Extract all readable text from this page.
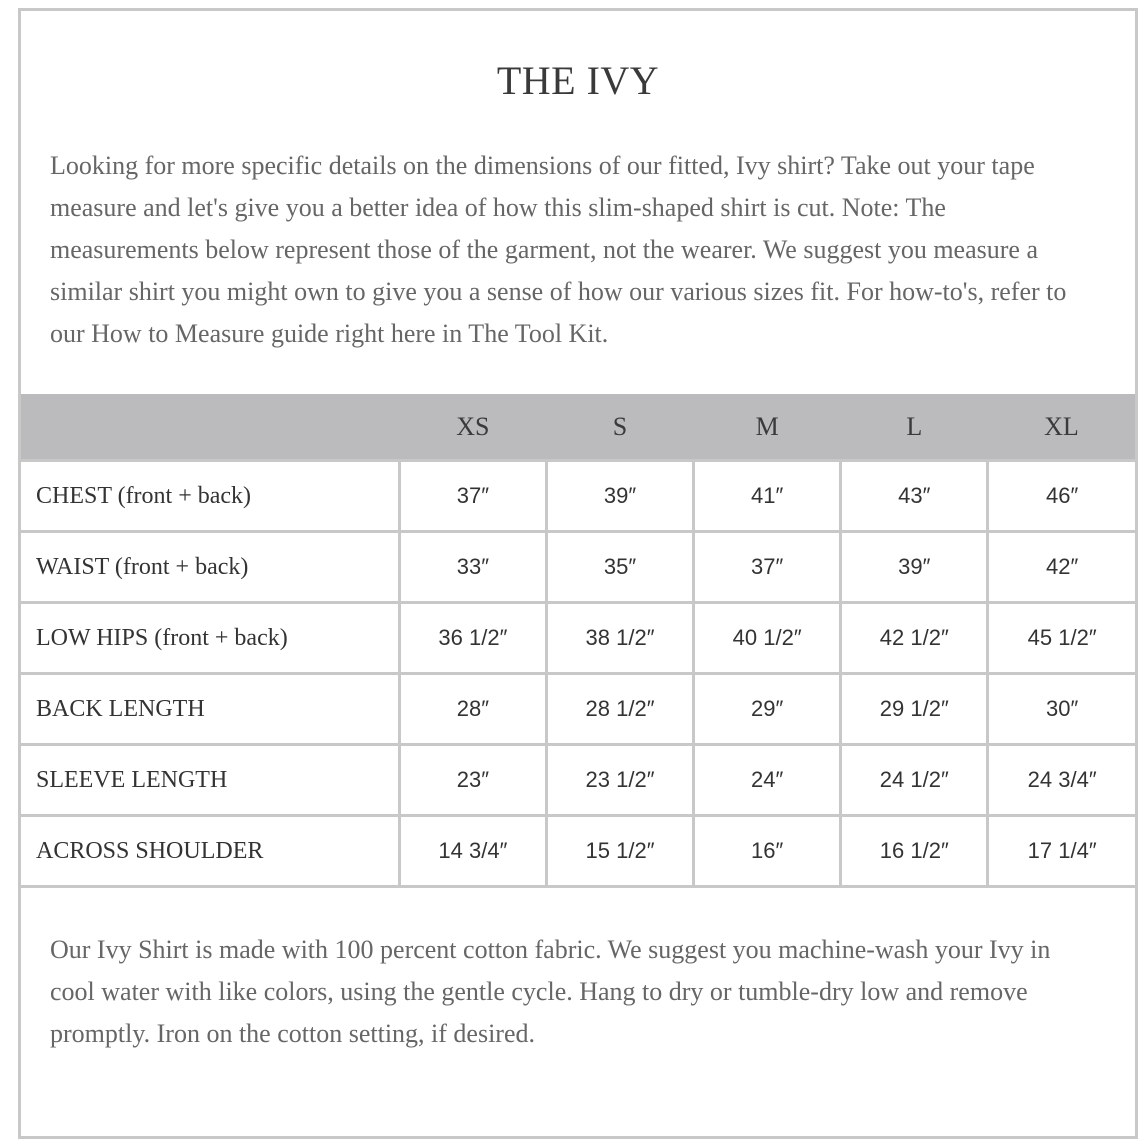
THE IVY

Looking for more specific details on the dimensions of our fitted, Ivy shirt? Take out your tape measure and let's give you a better idea of how this slim-shaped shirt is cut. Note: The measurements below represent those of the garment, not the wearer. We suggest you measure a similar shirt you might own to give you a sense of how our various sizes fit. For how-to's, refer to our How to Measure guide right here in The Tool Kit.

	XS	S	M	L	XL
CHEST (front + back)	37″	39″	41″	43″	46″
WAIST (front + back)	33″	35″	37″	39″	42″
LOW HIPS (front + back)	36 1/2″	38 1/2″	40 1/2″	42 1/2″	45 1/2″
BACK LENGTH	28″	28 1/2″	29″	29 1/2″	30″
SLEEVE LENGTH	23″	23 1/2″	24″	24 1/2″	24 3/4″
ACROSS SHOULDER	14 3/4″	15 1/2″	16″	16 1/2″	17 1/4″

Our Ivy Shirt is made with 100 percent cotton fabric. We suggest you machine-wash your Ivy in cool water with like colors, using the gentle cycle. Hang to dry or tumble-dry low and remove promptly. Iron on the cotton setting, if desired.
